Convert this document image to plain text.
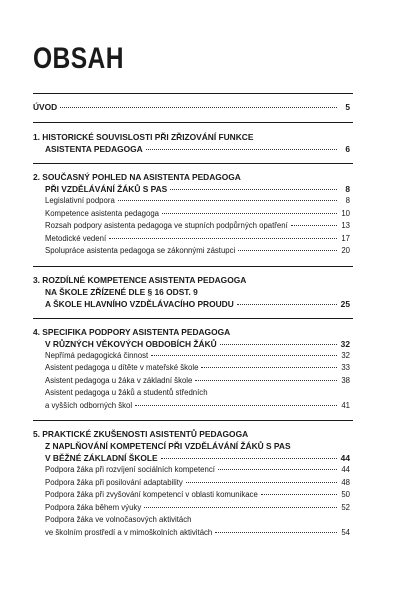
OBSAH
ÚVOD	5
1. HISTORICKÉ SOUVISLOSTI PŘI ZŘIZOVÁNÍ FUNKCE
ASISTENTA PEDAGOGA	6
2. SOUČASNÝ POHLED NA ASISTENTA PEDAGOGA
PŘI VZDĚLÁVÁNÍ ŽÁKŮ S PAS	8
Legislativní podpora	8
Kompetence asistenta pedagoga	10
Rozsah podpory asistenta pedagoga ve stupních podpůrných opatření	13
Metodické vedení	17
Spolupráce asistenta pedagoga se zákonnými zástupci	20
3. ROZDÍLNÉ KOMPETENCE ASISTENTA PEDAGOGA
NA ŠKOLE ZŘÍZENÉ DLE § 16 ODST. 9
A ŠKOLE HLAVNÍHO VZDĚLÁVACÍHO PROUDU	25
4. SPECIFIKA PODPORY ASISTENTA PEDAGOGA
V RŮZNÝCH VĚKOVÝCH OBDOBÍCH ŽÁKŮ	32
Nepřímá pedagogická činnost	32
Asistent pedagoga u dítěte v mateřské škole	33
Asistent pedagoga u žáka v základní škole	38
Asistent pedagoga u žáků a studentů středních
a vyšších odborných škol	41
5. PRAKTICKÉ ZKUŠENOSTI ASISTENTŮ PEDAGOGA
Z NAPLŇOVÁNÍ KOMPETENCÍ PŘI VZDĚLÁVÁNÍ ŽÁKŮ S PAS
V BĚŽNÉ ZÁKLADNÍ ŠKOLE	44
Podpora žáka při rozvíjení sociálních kompetencí	44
Podpora žáka při posilování adaptability	48
Podpora žáka při zvyšování kompetencí v oblasti komunikace	50
Podpora žáka během výuky	52
Podpora žáka ve volnočasových aktivitách
ve školním prostředí a v mimoškolních aktivitách	54
